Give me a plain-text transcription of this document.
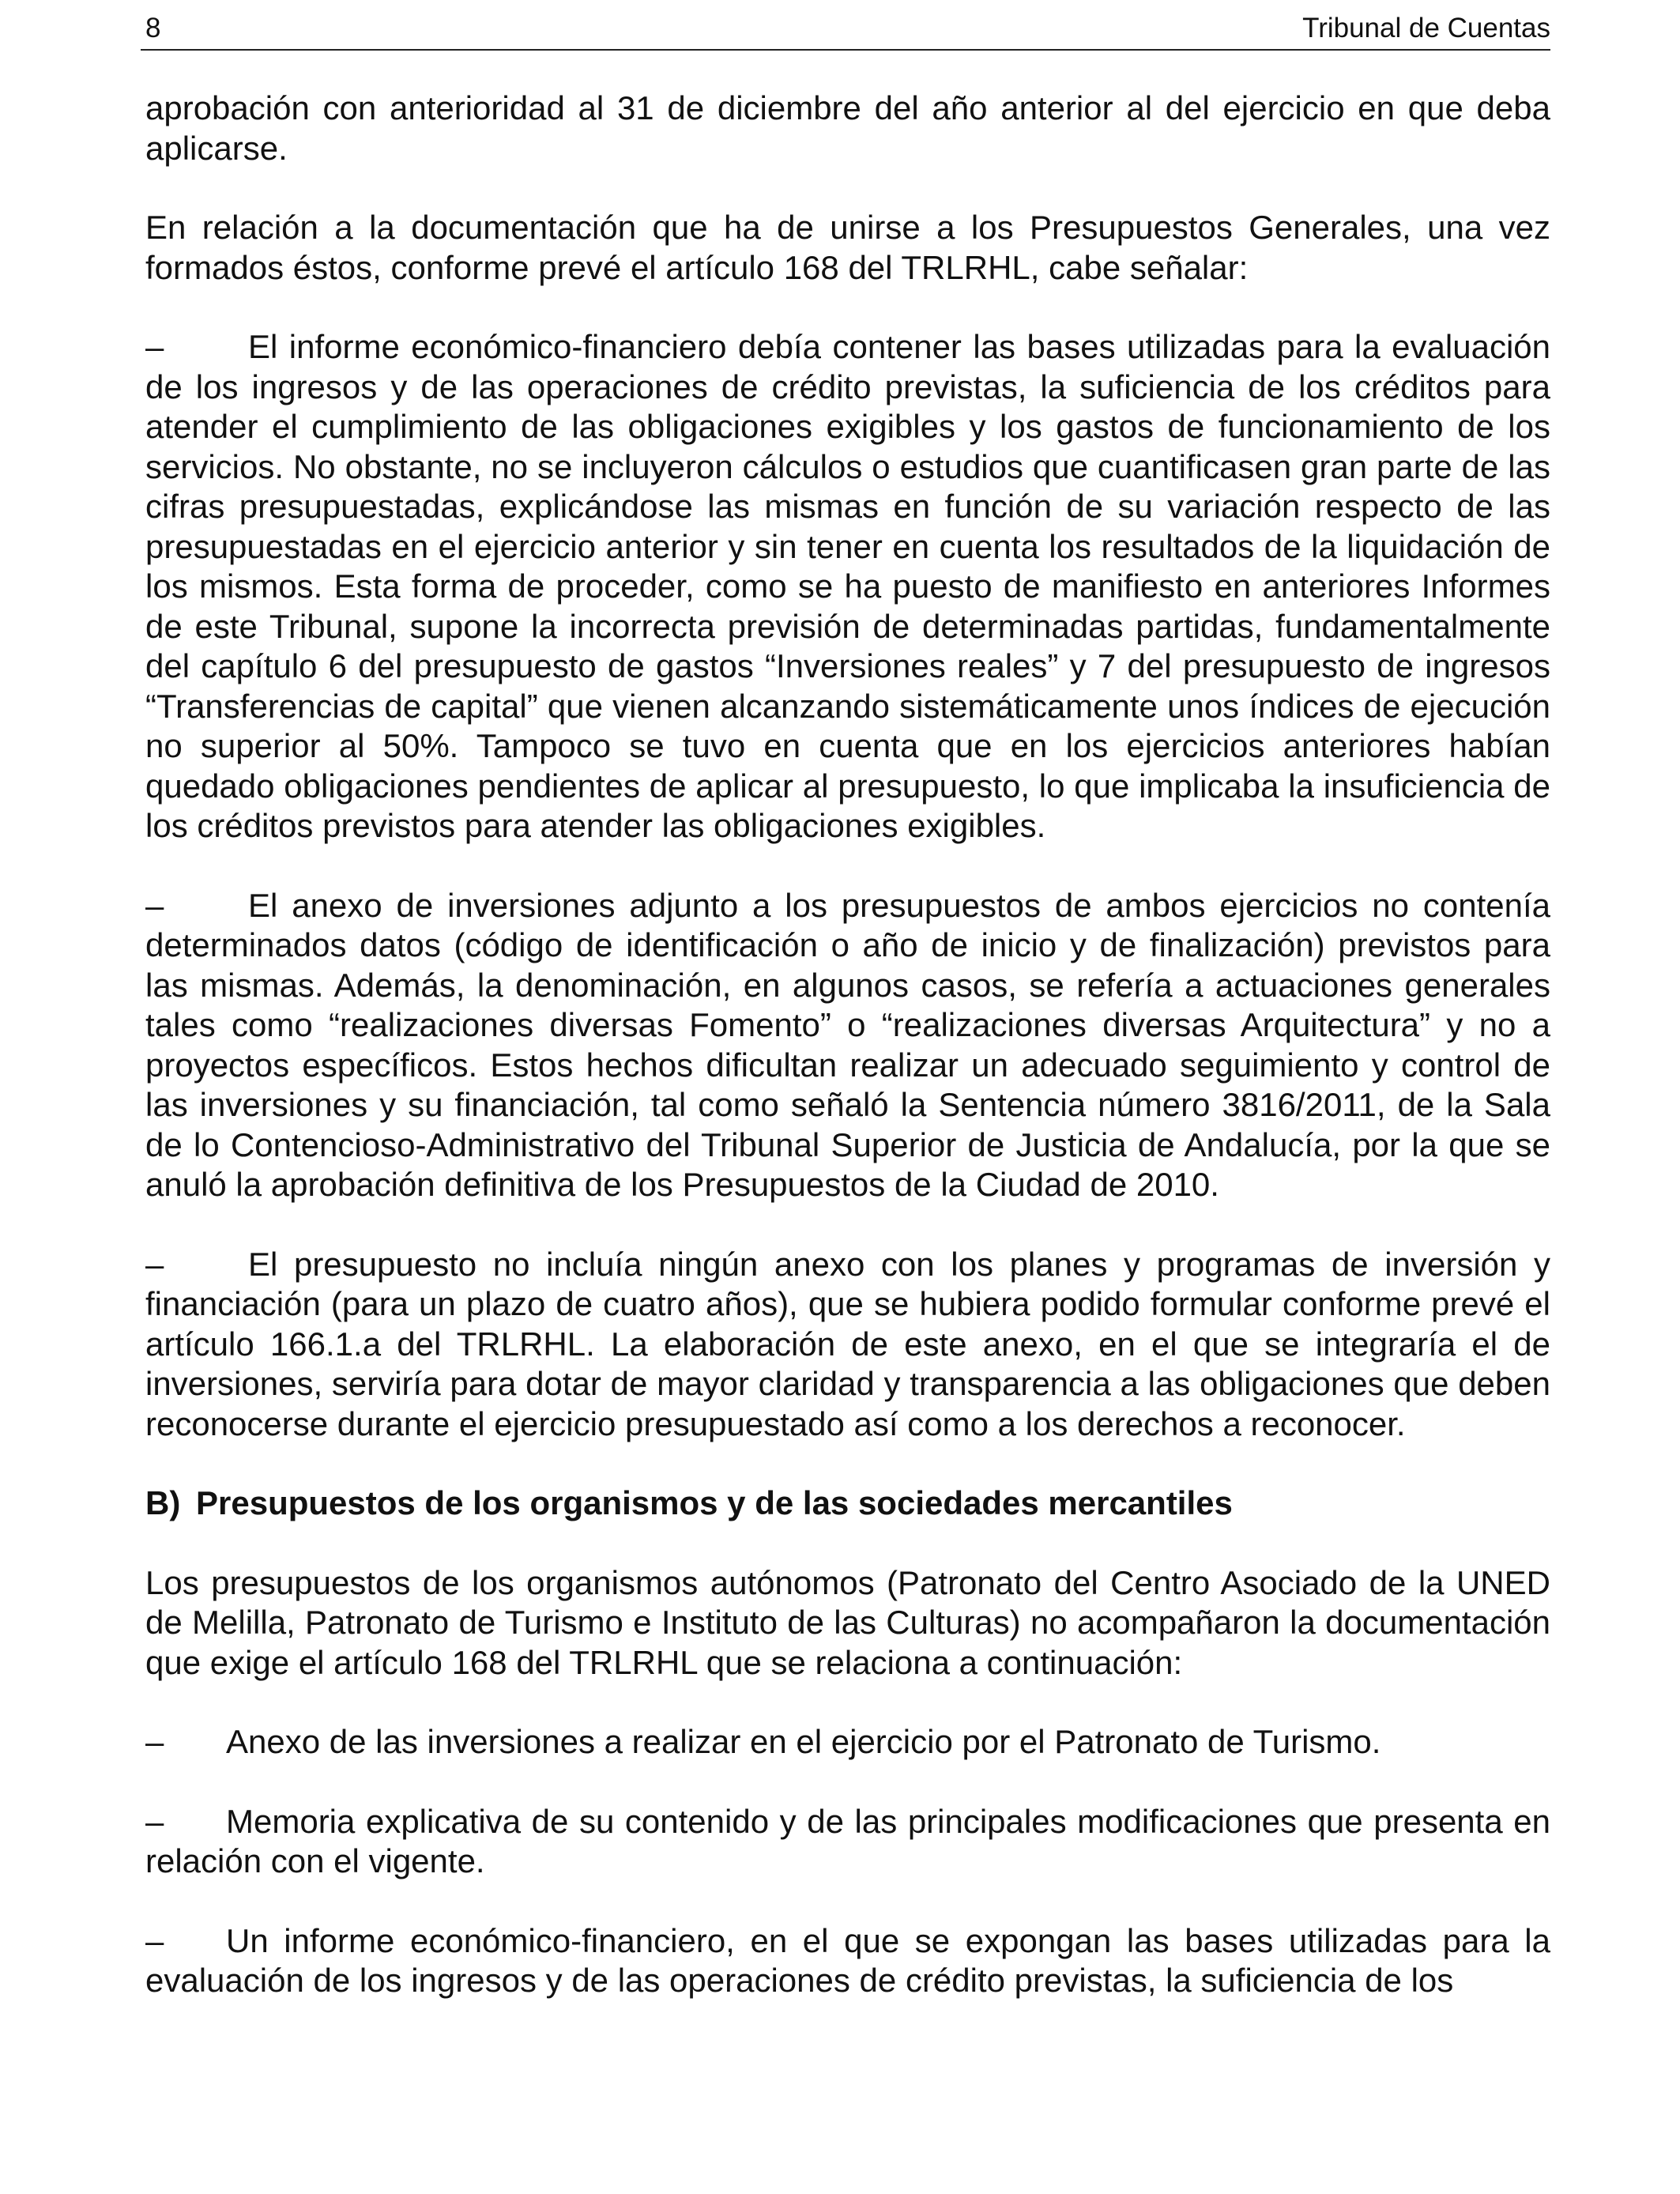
8	Tribunal de Cuentas

aprobación con anterioridad al 31 de diciembre del año anterior al del ejercicio en que deba aplicarse.

En relación a la documentación que ha de unirse a los Presupuestos Generales, una vez formados éstos, conforme prevé el artículo 168 del TRLRHL, cabe señalar:

–	El informe económico-financiero debía contener las bases utilizadas para la evaluación de los ingresos y de las operaciones de crédito previstas, la suficiencia de los créditos para atender el cumplimiento de las obligaciones exigibles y los gastos de funcionamiento de los servicios. No obstante, no se incluyeron cálculos o estudios que cuantificasen gran parte de las cifras presupuestadas, explicándose las mismas en función de su variación respecto de las presupuestadas en el ejercicio anterior y sin tener en cuenta los resultados de la liquidación de los mismos. Esta forma de proceder, como se ha puesto de manifiesto en anteriores Informes de este Tribunal, supone la incorrecta previsión de determinadas partidas, fundamentalmente del capítulo 6 del presupuesto de gastos “Inversiones reales” y 7 del presupuesto de ingresos “Transferencias de capital” que vienen alcanzando sistemáticamente unos índices de ejecución no superior al 50%. Tampoco se tuvo en cuenta que en los ejercicios anteriores habían quedado obligaciones pendientes de aplicar al presupuesto, lo que implicaba la insuficiencia de los créditos previstos para atender las obligaciones exigibles.

–	El anexo de inversiones adjunto a los presupuestos de ambos ejercicios no contenía determinados datos (código de identificación o año de inicio y de finalización) previstos para las mismas. Además, la denominación, en algunos casos, se refería a actuaciones generales tales como “realizaciones diversas Fomento” o “realizaciones diversas Arquitectura” y no a proyectos específicos. Estos hechos dificultan realizar un adecuado seguimiento y control de las inversiones y su financiación, tal como señaló la Sentencia número 3816/2011, de la Sala de lo Contencioso-Administrativo del Tribunal Superior de Justicia de Andalucía, por la que se anuló la aprobación definitiva de los Presupuestos de la Ciudad de 2010.

–	El presupuesto no incluía ningún anexo con los planes y programas de inversión y financiación (para un plazo de cuatro años), que se hubiera podido formular conforme prevé el artículo 166.1.a del TRLRHL. La elaboración de este anexo, en el que se integraría el de inversiones, serviría para dotar de mayor claridad y transparencia a las obligaciones que deben reconocerse durante el ejercicio presupuestado así como a los derechos a reconocer.

B) Presupuestos de los organismos y de las sociedades mercantiles

Los presupuestos de los organismos autónomos (Patronato del Centro Asociado de la UNED de Melilla, Patronato de Turismo e Instituto de las Culturas) no acompañaron la documentación que exige el artículo 168 del TRLRHL que se relaciona a continuación:

– Anexo de las inversiones a realizar en el ejercicio por el Patronato de Turismo.

– Memoria explicativa de su contenido y de las principales modificaciones que presenta en relación con el vigente.

– Un informe económico-financiero, en el que se expongan las bases utilizadas para la evaluación de los ingresos y de las operaciones de crédito previstas, la suficiencia de los
